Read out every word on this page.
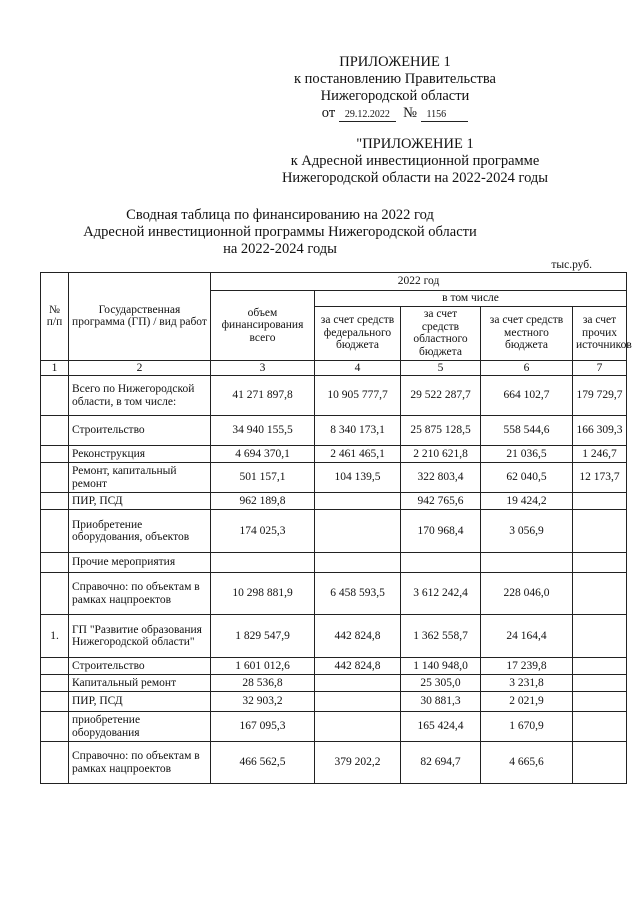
ПРИЛОЖЕНИЕ 1
к постановлению Правительства
Нижегородской области
от 29.12.2022 № 1156
"ПРИЛОЖЕНИЕ 1
к Адресной инвестиционной программе
Нижегородской области на 2022-2024 годы
Сводная таблица по финансированию на 2022 год
Адресной инвестиционной программы Нижегородской области
на 2022-2024 годы
тыс.руб.
№ п/п	Государственная программа (ГП) / вид работ	2022 год				
		объем финансирования всего	в том числе			
			за счет средств федерального бюджета	за счет средств областного бюджета	за счет средств местного бюджета	за счет прочих источников
1	2	3	4	5	6	7
	Всего по Нижегородской области, в том числе:	41 271 897,8	10 905 777,7	29 522 287,7	664 102,7	179 729,7
	Строительство	34 940 155,5	8 340 173,1	25 875 128,5	558 544,6	166 309,3
	Реконструкция	4 694 370,1	2 461 465,1	2 210 621,8	21 036,5	1 246,7
	Ремонт, капитальный ремонт	501 157,1	104 139,5	322 803,4	62 040,5	12 173,7
	ПИР, ПСД	962 189,8		942 765,6	19 424,2	
	Приобретение оборудования, объектов	174 025,3		170 968,4	3 056,9	
	Прочие мероприятия					
	Справочно: по объектам в рамках нацпроектов	10 298 881,9	6 458 593,5	3 612 242,4	228 046,0	
1.	ГП "Развитие образования Нижегородской области"	1 829 547,9	442 824,8	1 362 558,7	24 164,4	
	Строительство	1 601 012,6	442 824,8	1 140 948,0	17 239,8	
	Капитальный ремонт	28 536,8		25 305,0	3 231,8	
	ПИР, ПСД	32 903,2		30 881,3	2 021,9	
	приобретение оборудования	167 095,3		165 424,4	1 670,9	
	Справочно: по объектам в рамках нацпроектов	466 562,5	379 202,2	82 694,7	4 665,6	
